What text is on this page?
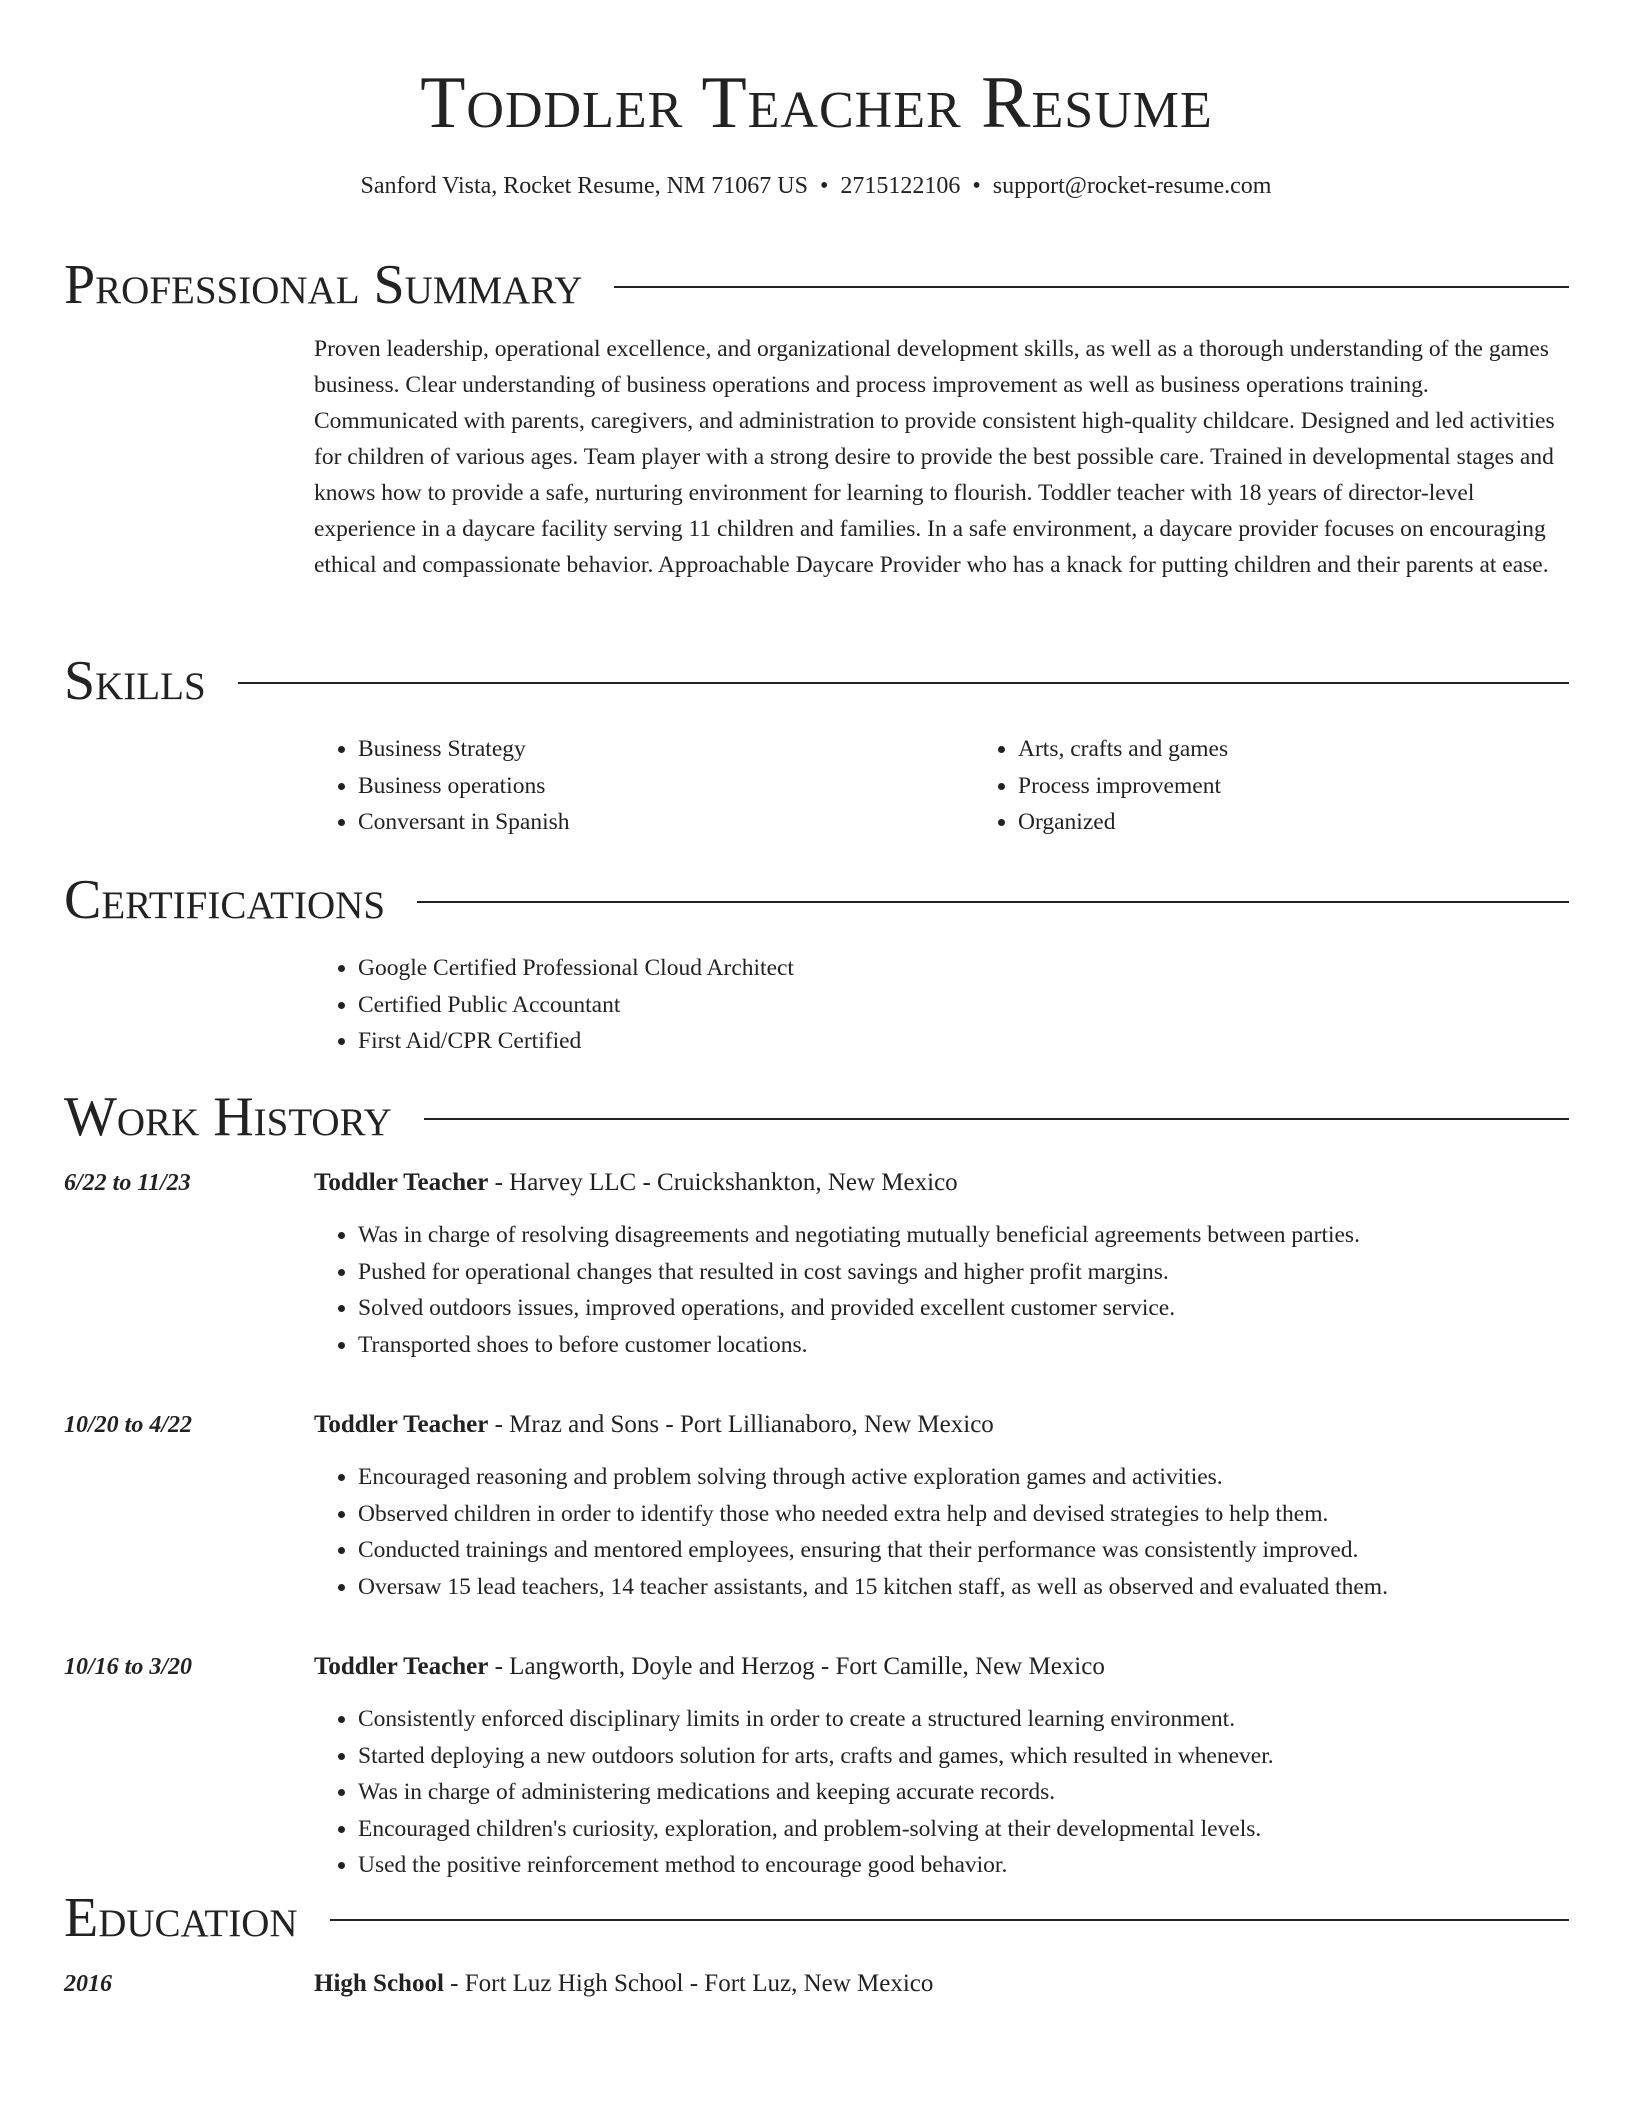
Toddler Teacher Resume
Sanford Vista, Rocket Resume, NM 71067 US • 2715122106 • support@rocket-resume.com
Professional Summary

Proven leadership, operational excellence, and organizational development skills, as well as a thorough understanding of the games business. Clear understanding of business operations and process improvement as well as business operations training. Communicated with parents, caregivers, and administration to provide consistent high-quality childcare. Designed and led activities for children of various ages. Team player with a strong desire to provide the best possible care. Trained in developmental stages and knows how to provide a safe, nurturing environment for learning to flourish. Toddler teacher with 18 years of director-level experience in a daycare facility serving 11 children and families. In a safe environment, a daycare provider focuses on encouraging ethical and compassionate behavior. Approachable Daycare Provider who has a knack for putting children and their parents at ease.

Skills
• Business Strategy
• Business operations
• Conversant in Spanish
• Arts, crafts and games
• Process improvement
• Organized
Certifications
• Google Certified Professional Cloud Architect
• Certified Public Accountant
• First Aid/CPR Certified
Work History
6/22 to 11/23	Toddler Teacher - Harvey LLC - Cruickshankton, New Mexico
• Was in charge of resolving disagreements and negotiating mutually beneficial agreements between parties.
• Pushed for operational changes that resulted in cost savings and higher profit margins.
• Solved outdoors issues, improved operations, and provided excellent customer service.
• Transported shoes to before customer locations.
10/20 to 4/22	Toddler Teacher - Mraz and Sons - Port Lillianaboro, New Mexico
• Encouraged reasoning and problem solving through active exploration games and activities.
• Observed children in order to identify those who needed extra help and devised strategies to help them.
• Conducted trainings and mentored employees, ensuring that their performance was consistently improved.
• Oversaw 15 lead teachers, 14 teacher assistants, and 15 kitchen staff, as well as observed and evaluated them.
10/16 to 3/20	Toddler Teacher - Langworth, Doyle and Herzog - Fort Camille, New Mexico
• Consistently enforced disciplinary limits in order to create a structured learning environment.
• Started deploying a new outdoors solution for arts, crafts and games, which resulted in whenever.
• Was in charge of administering medications and keeping accurate records.
• Encouraged children's curiosity, exploration, and problem-solving at their developmental levels.
• Used the positive reinforcement method to encourage good behavior.
Education
2016	High School - Fort Luz High School - Fort Luz, New Mexico
